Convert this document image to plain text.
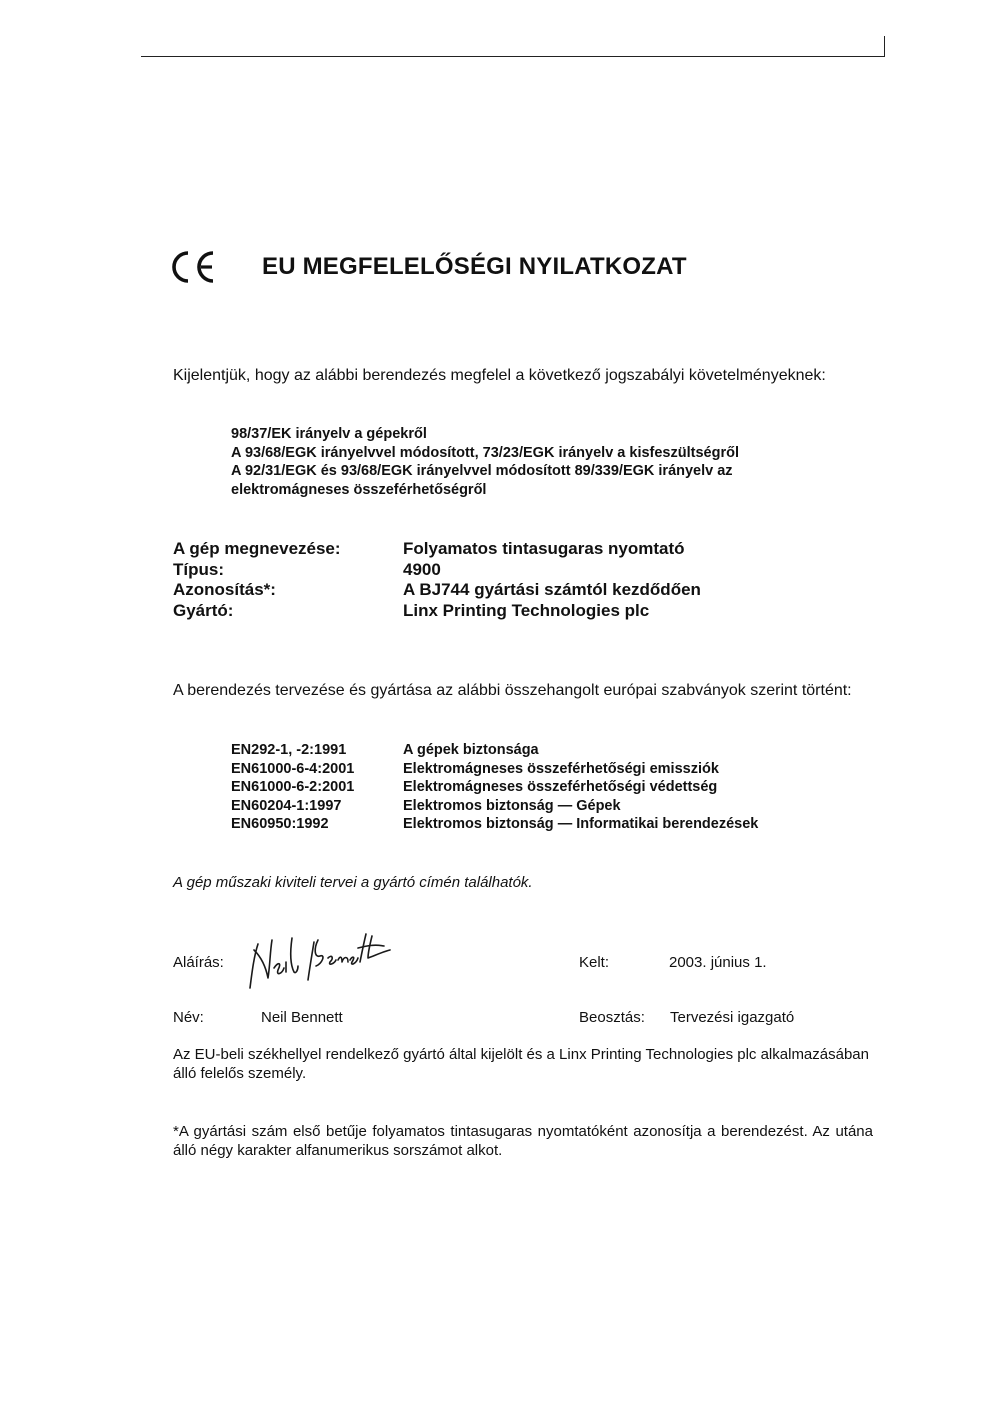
EU MEGFELELŐSÉGI NYILATKOZAT
Kijelentjük, hogy az alábbi berendezés megfelel a következő jogszabályi követelményeknek:
98/37/EK irányelv a gépekről
A 93/68/EGK irányelvvel módosított, 73/23/EGK irányelv a kisfeszültségről
A 92/31/EGK és 93/68/EGK irányelvvel módosított 89/339/EGK irányelv az
elektromágneses összeférhetőségről
A gép megnevezése:	Folyamatos tintasugaras nyomtató
Típus:	4900
Azonosítás*:	A BJ744 gyártási számtól kezdődően
Gyártó:	Linx Printing Technologies plc
A berendezés tervezése és gyártása az alábbi összehangolt európai szabványok szerint történt:
EN292-1, -2:1991	A gépek biztonsága
EN61000-6-4:2001	Elektromágneses összeférhetőségi emissziók
EN61000-6-2:2001	Elektromágneses összeférhetőségi védettség
EN60204-1:1997	Elektromos biztonság — Gépek
EN60950:1992	Elektromos biztonság — Informatikai berendezések
A gép műszaki kiviteli tervei a gyártó címén találhatók.
Aláírás:	Kelt:	2003. június 1.
Név:	Neil Bennett	Beosztás: Tervezési igazgató
Az EU-beli székhellyel rendelkező gyártó által kijelölt és a Linx Printing Technologies plc alkalmazásában álló felelős személy.
*A gyártási szám első betűje folyamatos tintasugaras nyomtatóként azonosítja a berendezést. Az utána álló négy karakter alfanumerikus sorszámot alkot.
